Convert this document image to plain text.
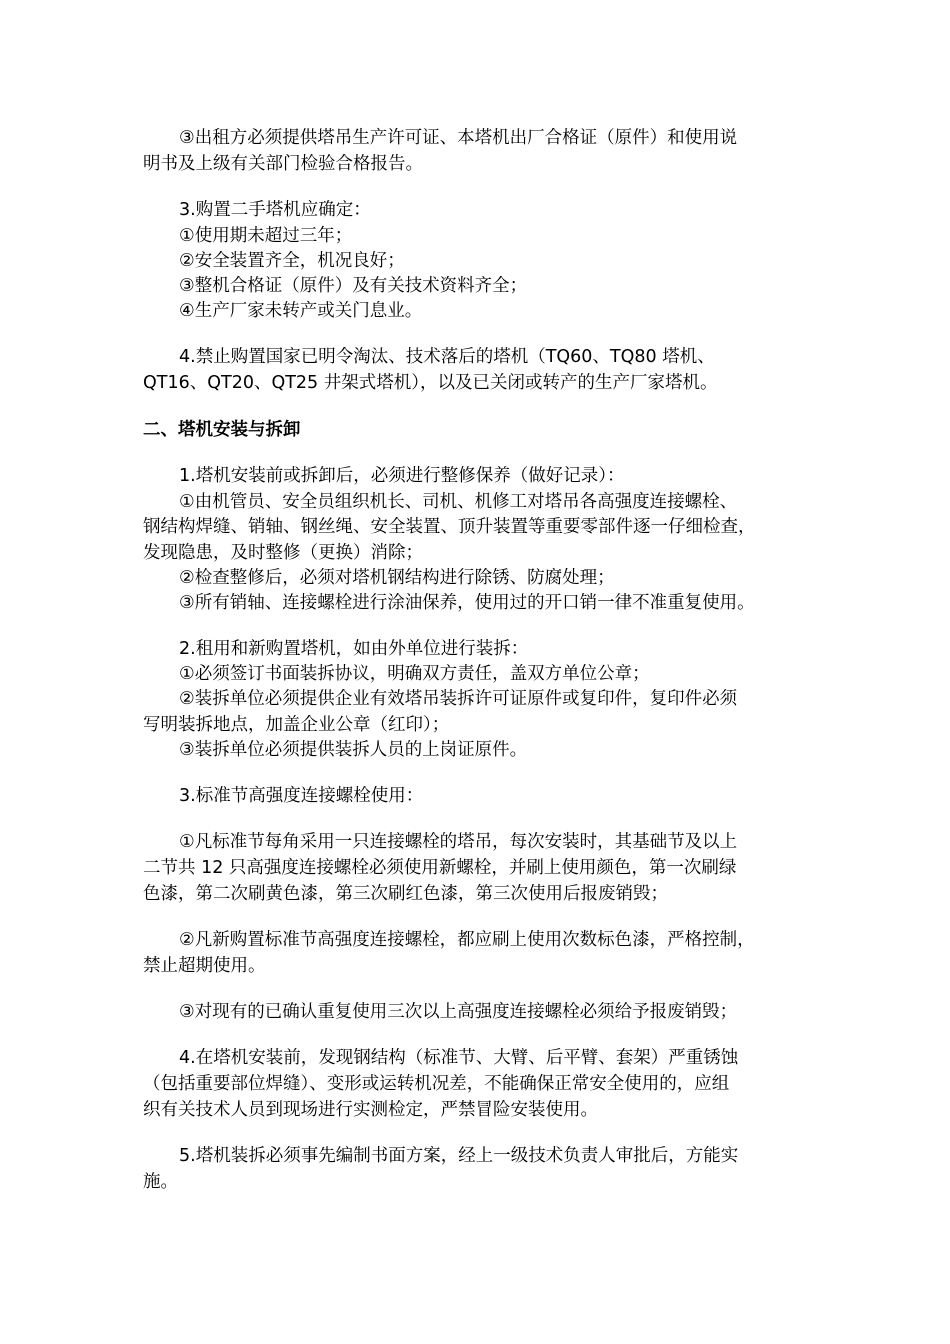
③出租方必须提供塔吊生产许可证、本塔机出厂合格证（原件）和使用说
明书及上级有关部门检验合格报告。
3.购置二手塔机应确定：
①使用期未超过三年；
②安全装置齐全，机况良好；
③整机合格证（原件）及有关技术资料齐全；
④生产厂家未转产或关门息业。
4.禁止购置国家已明令淘汰、技术落后的塔机（TQ60、TQ80 塔机、
QT16、QT20、QT25 井架式塔机），以及已关闭或转产的生产厂家塔机。
二、塔机安装与拆卸
1.塔机安装前或拆卸后，必须进行整修保养（做好记录）：
①由机管员、安全员组织机长、司机、机修工对塔吊各高强度连接螺栓、
钢结构焊缝、销轴、钢丝绳、安全装置、顶升装置等重要零部件逐一仔细检查，
发现隐患，及时整修（更换）消除；
②检查整修后，必须对塔机钢结构进行除锈、防腐处理；
③所有销轴、连接螺栓进行涂油保养，使用过的开口销一律不准重复使用。
2.租用和新购置塔机，如由外单位进行装拆：
①必须签订书面装拆协议，明确双方责任，盖双方单位公章；
②装拆单位必须提供企业有效塔吊装拆许可证原件或复印件，复印件必须
写明装拆地点，加盖企业公章（红印）；
③装拆单位必须提供装拆人员的上岗证原件。
3.标准节高强度连接螺栓使用：
①凡标准节每角采用一只连接螺栓的塔吊，每次安装时，其基础节及以上
二节共 12 只高强度连接螺栓必须使用新螺栓，并刷上使用颜色，第一次刷绿
色漆，第二次刷黄色漆，第三次刷红色漆，第三次使用后报废销毁；
②凡新购置标准节高强度连接螺栓，都应刷上使用次数标色漆，严格控制，
禁止超期使用。
③对现有的已确认重复使用三次以上高强度连接螺栓必须给予报废销毁；
4.在塔机安装前，发现钢结构（标准节、大臂、后平臂、套架）严重锈蚀
（包括重要部位焊缝）、变形或运转机况差，不能确保正常安全使用的，应组
织有关技术人员到现场进行实测检定，严禁冒险安装使用。
5.塔机装拆必须事先编制书面方案，经上一级技术负责人审批后，方能实
施。
